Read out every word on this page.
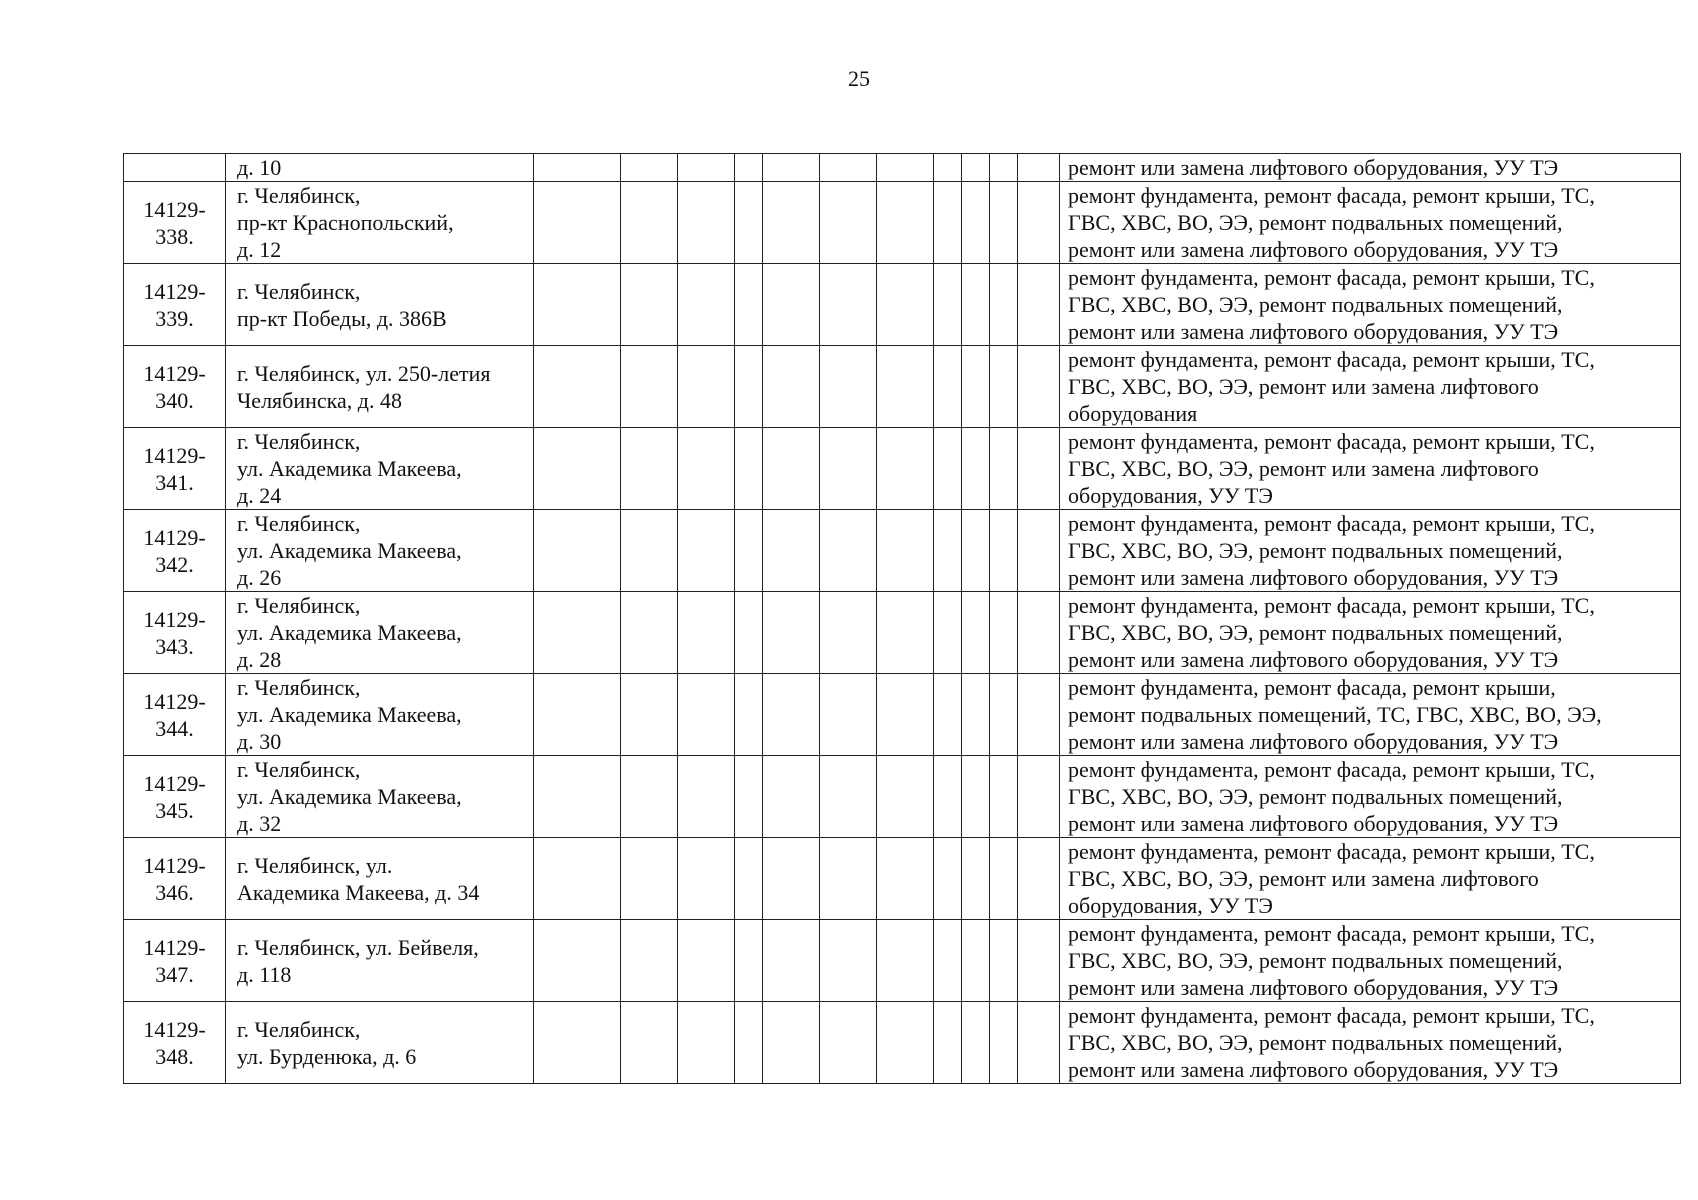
25

	д. 10												ремонт или замена лифтового оборудования, УУ ТЭ

14129-
338.	г. Челябинск,
пр-кт Краснопольский,
д. 12												ремонт фундамента, ремонт фасада, ремонт крыши, ТС,
ГВС, ХВС, ВО, ЭЭ, ремонт подвальных помещений,
ремонт или замена лифтового оборудования, УУ ТЭ

14129-
339.	г. Челябинск,
пр-кт Победы, д. 386В												ремонт фундамента, ремонт фасада, ремонт крыши, ТС,
ГВС, ХВС, ВО, ЭЭ, ремонт подвальных помещений,
ремонт или замена лифтового оборудования, УУ ТЭ

14129-
340.	г. Челябинск, ул. 250-летия
Челябинска, д. 48												ремонт фундамента, ремонт фасада, ремонт крыши, ТС,
ГВС, ХВС, ВО, ЭЭ, ремонт или замена лифтового
оборудования

14129-
341.	г. Челябинск,
ул. Академика Макеева,
д. 24												ремонт фундамента, ремонт фасада, ремонт крыши, ТС,
ГВС, ХВС, ВО, ЭЭ, ремонт или замена лифтового
оборудования, УУ ТЭ

14129-
342.	г. Челябинск,
ул. Академика Макеева,
д. 26												ремонт фундамента, ремонт фасада, ремонт крыши, ТС,
ГВС, ХВС, ВО, ЭЭ, ремонт подвальных помещений,
ремонт или замена лифтового оборудования, УУ ТЭ

14129-
343.	г. Челябинск,
ул. Академика Макеева,
д. 28												ремонт фундамента, ремонт фасада, ремонт крыши, ТС,
ГВС, ХВС, ВО, ЭЭ, ремонт подвальных помещений,
ремонт или замена лифтового оборудования, УУ ТЭ

14129-
344.	г. Челябинск,
ул. Академика Макеева,
д. 30												ремонт фундамента, ремонт фасада, ремонт крыши,
ремонт подвальных помещений, ТС, ГВС, ХВС, ВО, ЭЭ,
ремонт или замена лифтового оборудования, УУ ТЭ

14129-
345.	г. Челябинск,
ул. Академика Макеева,
д. 32												ремонт фундамента, ремонт фасада, ремонт крыши, ТС,
ГВС, ХВС, ВО, ЭЭ, ремонт подвальных помещений,
ремонт или замена лифтового оборудования, УУ ТЭ

14129-
346.	г. Челябинск, ул.
Академика Макеева, д. 34												ремонт фундамента, ремонт фасада, ремонт крыши, ТС,
ГВС, ХВС, ВО, ЭЭ, ремонт или замена лифтового
оборудования, УУ ТЭ

14129-
347.	г. Челябинск, ул. Бейвеля,
д. 118												ремонт фундамента, ремонт фасада, ремонт крыши, ТС,
ГВС, ХВС, ВО, ЭЭ, ремонт подвальных помещений,
ремонт или замена лифтового оборудования, УУ ТЭ

14129-
348.	г. Челябинск,
ул. Бурденюка, д. 6												ремонт фундамента, ремонт фасада, ремонт крыши, ТС,
ГВС, ХВС, ВО, ЭЭ, ремонт подвальных помещений,
ремонт или замена лифтового оборудования, УУ ТЭ
